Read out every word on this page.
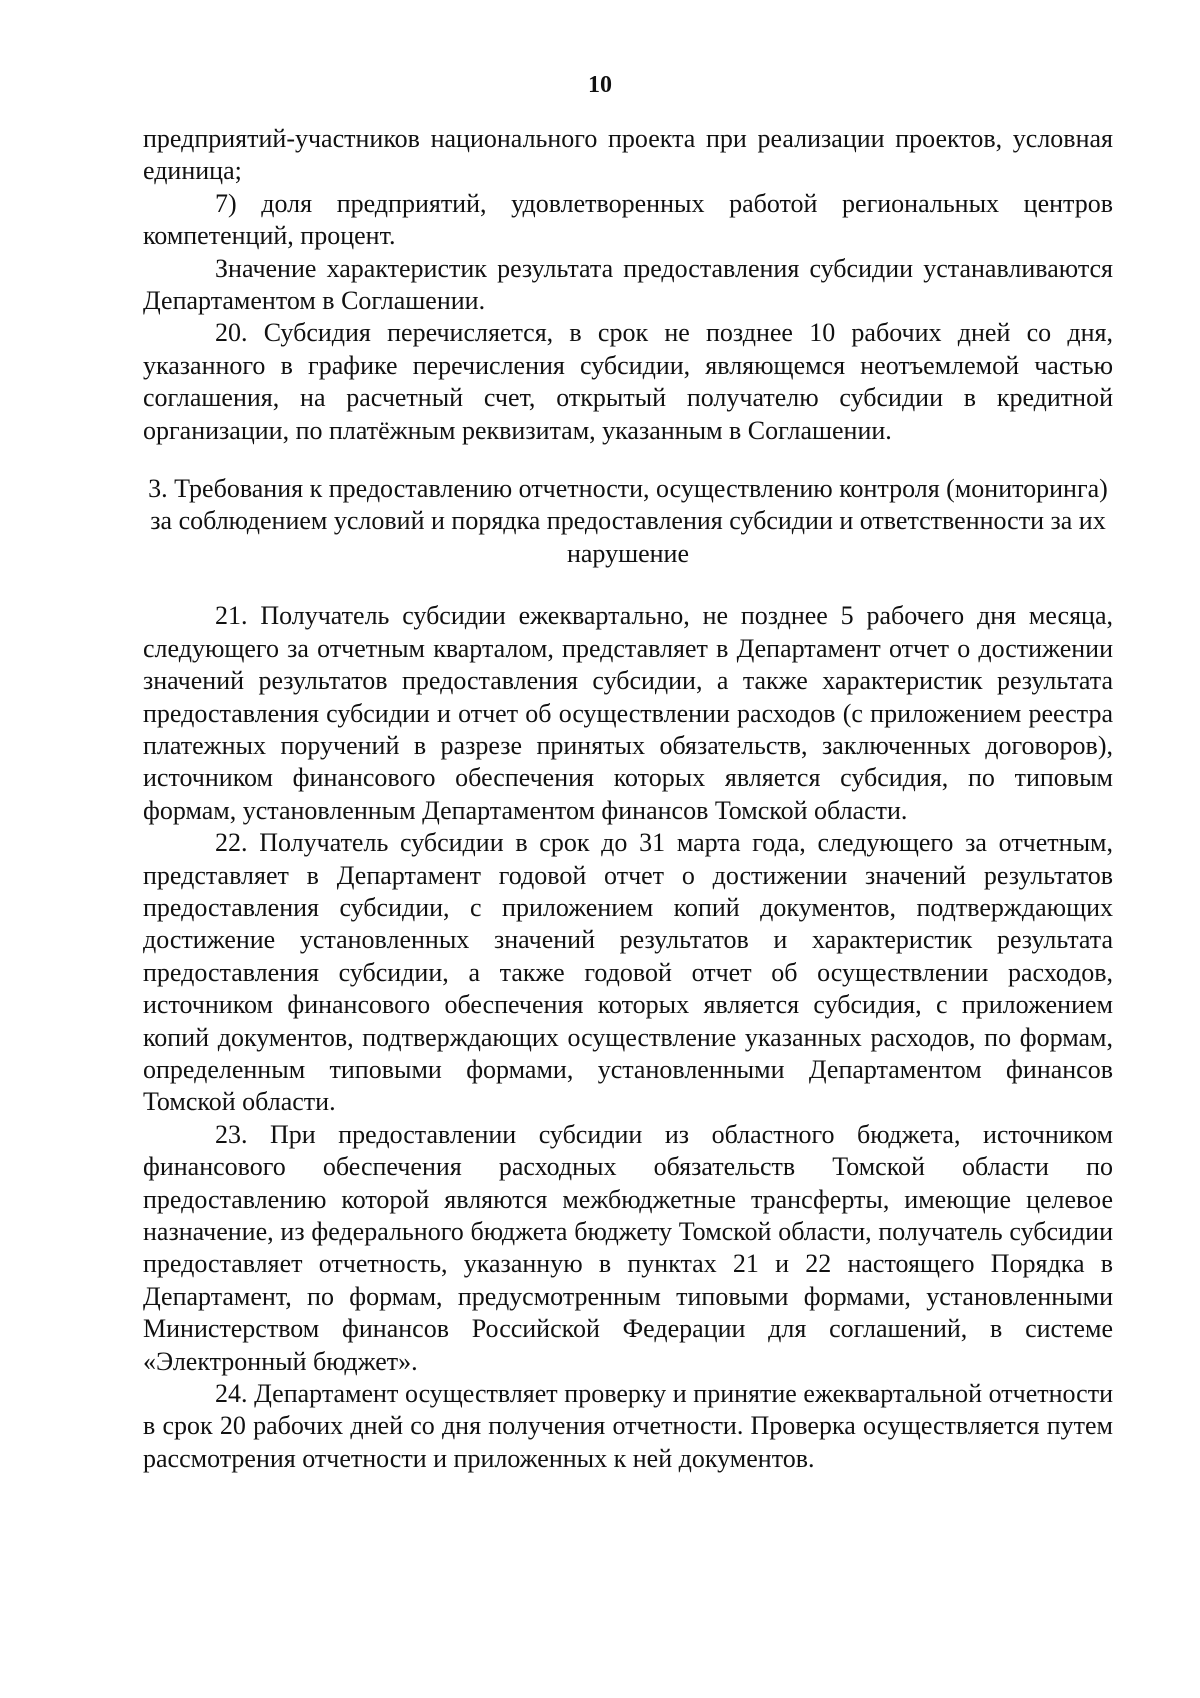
10

предприятий-участников национального проекта при реализации проектов, условная единица;

7) доля предприятий, удовлетворенных работой региональных центров компетенций, процент.

Значение характеристик результата предоставления субсидии устанавливаются Департаментом в Соглашении.

20. Субсидия перечисляется, в срок не позднее 10 рабочих дней со дня, указанного в графике перечисления субсидии, являющемся неотъемлемой частью соглашения, на расчетный счет, открытый получателю субсидии в кредитной организации, по платёжным реквизитам, указанным в Соглашении.

3. Требования к предоставлению отчетности, осуществлению контроля (мониторинга) за соблюдением условий и порядка предоставления субсидии и ответственности за их нарушение

21. Получатель субсидии ежеквартально, не позднее 5 рабочего дня месяца, следующего за отчетным кварталом, представляет в Департамент отчет о достижении значений результатов предоставления субсидии, а также характеристик результата предоставления субсидии и отчет об осуществлении расходов (с приложением реестра платежных поручений в разрезе принятых обязательств, заключенных договоров), источником финансового обеспечения которых является субсидия, по типовым формам, установленным Департаментом финансов Томской области.

22. Получатель субсидии в срок до 31 марта года, следующего за отчетным, представляет в Департамент годовой отчет о достижении значений результатов предоставления субсидии, с приложением копий документов, подтверждающих достижение установленных значений результатов и характеристик результата предоставления субсидии, а также годовой отчет об осуществлении расходов, источником финансового обеспечения которых является субсидия, с приложением копий документов, подтверждающих осуществление указанных расходов, по формам, определенным типовыми формами, установленными Департаментом финансов Томской области.

23. При предоставлении субсидии из областного бюджета, источником финансового обеспечения расходных обязательств Томской области по предоставлению которой являются межбюджетные трансферты, имеющие целевое назначение, из федерального бюджета бюджету Томской области, получатель субсидии предоставляет отчетность, указанную в пунктах 21 и 22 настоящего Порядка в Департамент, по формам, предусмотренным типовыми формами, установленными Министерством финансов Российской Федерации для соглашений, в системе «Электронный бюджет».

24. Департамент осуществляет проверку и принятие ежеквартальной отчетности в срок 20 рабочих дней со дня получения отчетности. Проверка осуществляется путем рассмотрения отчетности и приложенных к ней документов.
